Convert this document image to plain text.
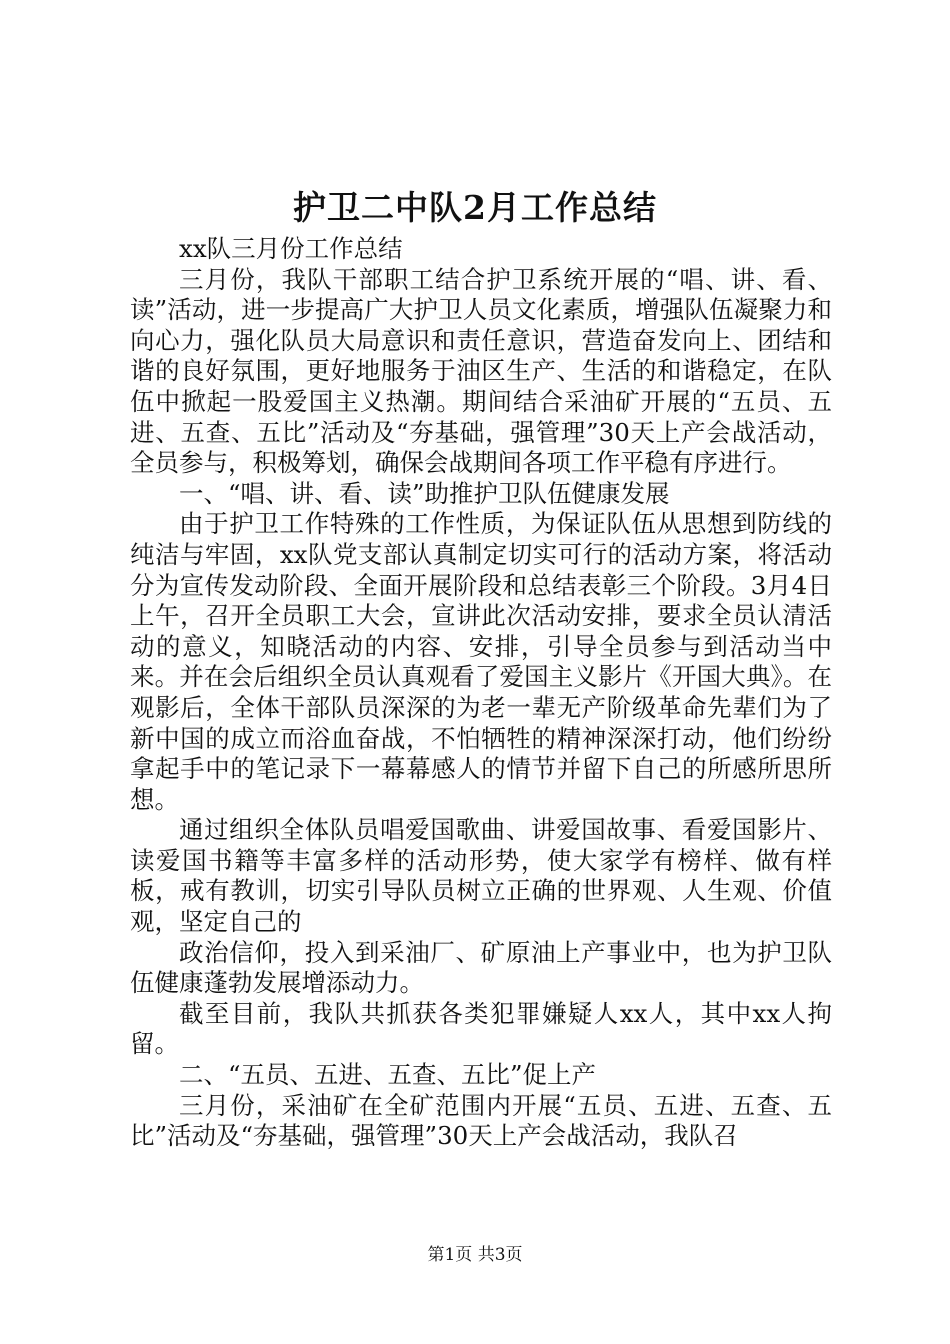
护卫二中队2月工作总结

xx队三月份工作总结

三月份，我队干部职工结合护卫系统开展的“唱、讲、看、读”活动，进一步提高广大护卫人员文化素质，增强队伍凝聚力和向心力，强化队员大局意识和责任意识，营造奋发向上、团结和谐的良好氛围，更好地服务于油区生产、生活的和谐稳定，在队伍中掀起一股爱国主义热潮。期间结合采油矿开展的“五员、五进、五查、五比”活动及“夯基础，强管理”30天上产会战活动，全员参与，积极筹划，确保会战期间各项工作平稳有序进行。

一、“唱、讲、看、读”助推护卫队伍健康发展

由于护卫工作特殊的工作性质，为保证队伍从思想到防线的纯洁与牢固，xx队党支部认真制定切实可行的活动方案，将活动分为宣传发动阶段、全面开展阶段和总结表彰三个阶段。3月4日上午，召开全员职工大会，宣讲此次活动安排，要求全员认清活动的意义，知晓活动的内容、安排，引导全员参与到活动当中来。并在会后组织全员认真观看了爱国主义影片《开国大典》。在观影后，全体干部队员深深的为老一辈无产阶级革命先辈们为了新中国的成立而浴血奋战，不怕牺牲的精神深深打动，他们纷纷拿起手中的笔记录下一幕幕感人的情节并留下自己的所感所思所想。

通过组织全体队员唱爱国歌曲、讲爱国故事、看爱国影片、读爱国书籍等丰富多样的活动形势，使大家学有榜样、做有样板，戒有教训，切实引导队员树立正确的世界观、人生观、价值观，坚定自己的

政治信仰，投入到采油厂、矿原油上产事业中，也为护卫队伍健康蓬勃发展增添动力。

截至目前，我队共抓获各类犯罪嫌疑人xx人，其中xx人拘留。

二、“五员、五进、五查、五比”促上产

三月份，采油矿在全矿范围内开展“五员、五进、五查、五比”活动及“夯基础，强管理”30天上产会战活动，我队召

第1页 共3页
